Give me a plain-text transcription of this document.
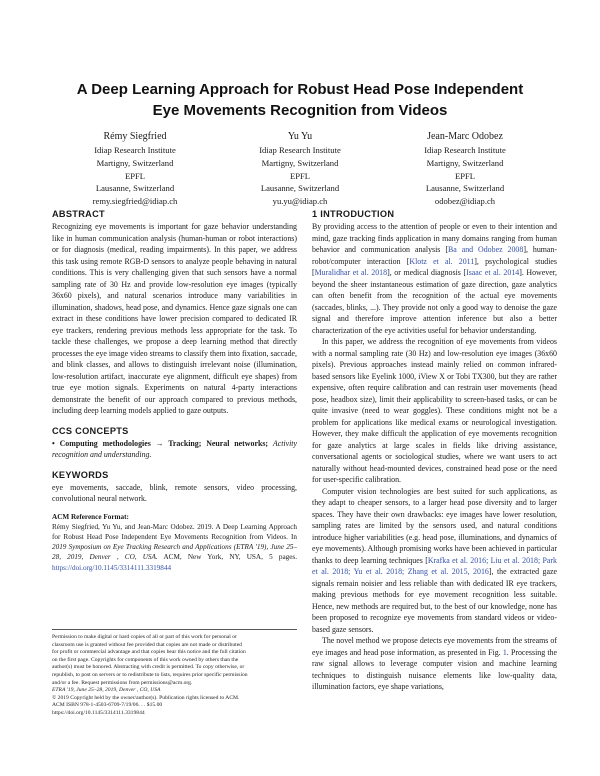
A Deep Learning Approach for Robust Head Pose Independent
Eye Movements Recognition from Videos
Rémy Siegfried
Idiap Research Institute
Martigny, Switzerland
EPFL
Lausanne, Switzerland
remy.siegfried@idiap.ch
Yu Yu
Idiap Research Institute
Martigny, Switzerland
EPFL
Lausanne, Switzerland
yu.yu@idiap.ch
Jean-Marc Odobez
Idiap Research Institute
Martigny, Switzerland
EPFL
Lausanne, Switzerland
odobez@idiap.ch
ABSTRACT

Recognizing eye movements is important for gaze behavior understanding like in human communication analysis (human-human or robot interactions) or for diagnosis (medical, reading impairments). In this paper, we address this task using remote RGB-D sensors to analyze people behaving in natural conditions. This is very challenging given that such sensors have a normal sampling rate of 30 Hz and provide low-resolution eye images (typically 36x60 pixels), and natural scenarios introduce many variabilities in illumination, shadows, head pose, and dynamics. Hence gaze signals one can extract in these conditions have lower precision compared to dedicated IR eye trackers, rendering previous methods less appropriate for the task. To tackle these challenges, we propose a deep learning method that directly processes the eye image video streams to classify them into fixation, saccade, and blink classes, and allows to distinguish irrelevant noise (illumination, low-resolution artifact, inaccurate eye alignment, difficult eye shapes) from true eye motion signals. Experiments on natural 4-party interactions demonstrate the benefit of our approach compared to previous methods, including deep learning models applied to gaze outputs.

CCS CONCEPTS

• Computing methodologies → Tracking; Neural networks; Activity recognition and understanding.

KEYWORDS

eye movements, saccade, blink, remote sensors, video processing, convolutional neural network.

ACM Reference Format:
Rémy Siegfried, Yu Yu, and Jean-Marc Odobez. 2019. A Deep Learning Approach for Robust Head Pose Independent Eye Movements Recognition from Videos. In 2019 Symposium on Eye Tracking Research and Applications (ETRA '19), June 25–28, 2019, Denver , CO, USA. ACM, New York, NY, USA, 5 pages. https://doi.org/10.1145/3314111.3319844
Permission to make digital or hard copies of all or part of this work for personal or
classroom use is granted without fee provided that copies are not made or distributed
for profit or commercial advantage and that copies bear this notice and the full citation
on the first page. Copyrights for components of this work owned by others than the
author(s) must be honored. Abstracting with credit is permitted. To copy otherwise, or
republish, to post on servers or to redistribute to lists, requires prior specific permission
and/or a fee. Request permissions from permissions@acm.org.
ETRA '19, June 25–28, 2019, Denver , CO, USA
© 2019 Copyright held by the owner/author(s). Publication rights licensed to ACM.
ACM ISBN 978-1-4503-6709-7/19/06. . . $15.00
https://doi.org/10.1145/3314111.3319844
1 INTRODUCTION

By providing access to the attention of people or even to their intention and mind, gaze tracking finds application in many domains ranging from human behavior and communication analysis [Ba and Odobez 2008], human-robot/computer interaction [Klotz et al. 2011], psychological studies [Muralidhar et al. 2018], or medical diagnosis [Isaac et al. 2014]. However, beyond the sheer instantaneous estimation of gaze direction, gaze analytics can often benefit from the recognition of the actual eye movements (saccades, blinks, ...). They provide not only a good way to denoise the gaze signal and therefore improve attention inference but also a better characterization of the eye activities useful for behavior understanding.

In this paper, we address the recognition of eye movements from videos with a normal sampling rate (30 Hz) and low-resolution eye images (36x60 pixels). Previous approaches instead mainly relied on common infrared-based sensors like Eyelink 1000, iView X or Tobi TX300, but they are rather expensive, often require calibration and can restrain user movements (head pose, headbox size), limit their applicability to screen-based tasks, or can be quite invasive (need to wear goggles). These conditions might not be a problem for applications like medical exams or neurological investigation. However, they make difficult the application of eye movements recognition for gaze analytics at large scales in fields like driving assistance, conversational agents or sociological studies, where we want users to act naturally without head-mounted devices, constrained head pose or the need for user-specific calibration.

Computer vision technologies are best suited for such applications, as they adapt to cheaper sensors, to a larger head pose diversity and to larger spaces. They have their own drawbacks: eye images have lower resolution, sampling rates are limited by the sensors used, and natural conditions introduce higher variabilities (e.g. head pose, illuminations, and dynamics of eye movements). Although promising works have been achieved in particular thanks to deep learning techniques [Krafka et al. 2016; Liu et al. 2018; Park et al. 2018; Yu et al. 2018; Zhang et al. 2015, 2016], the extracted gaze signals remain noisier and less reliable than with dedicated IR eye trackers, making previous methods for eye movement recognition less suitable. Hence, new methods are required but, to the best of our knowledge, none has been proposed to recognize eye movements from standard videos or video-based gaze sensors.

The novel method we propose detects eye movements from the streams of eye images and head pose information, as presented in Fig. 1. Processing the raw signal allows to leverage computer vision and machine learning techniques to distinguish nuisance elements like low-quality data, illumination factors, eye shape variations,
